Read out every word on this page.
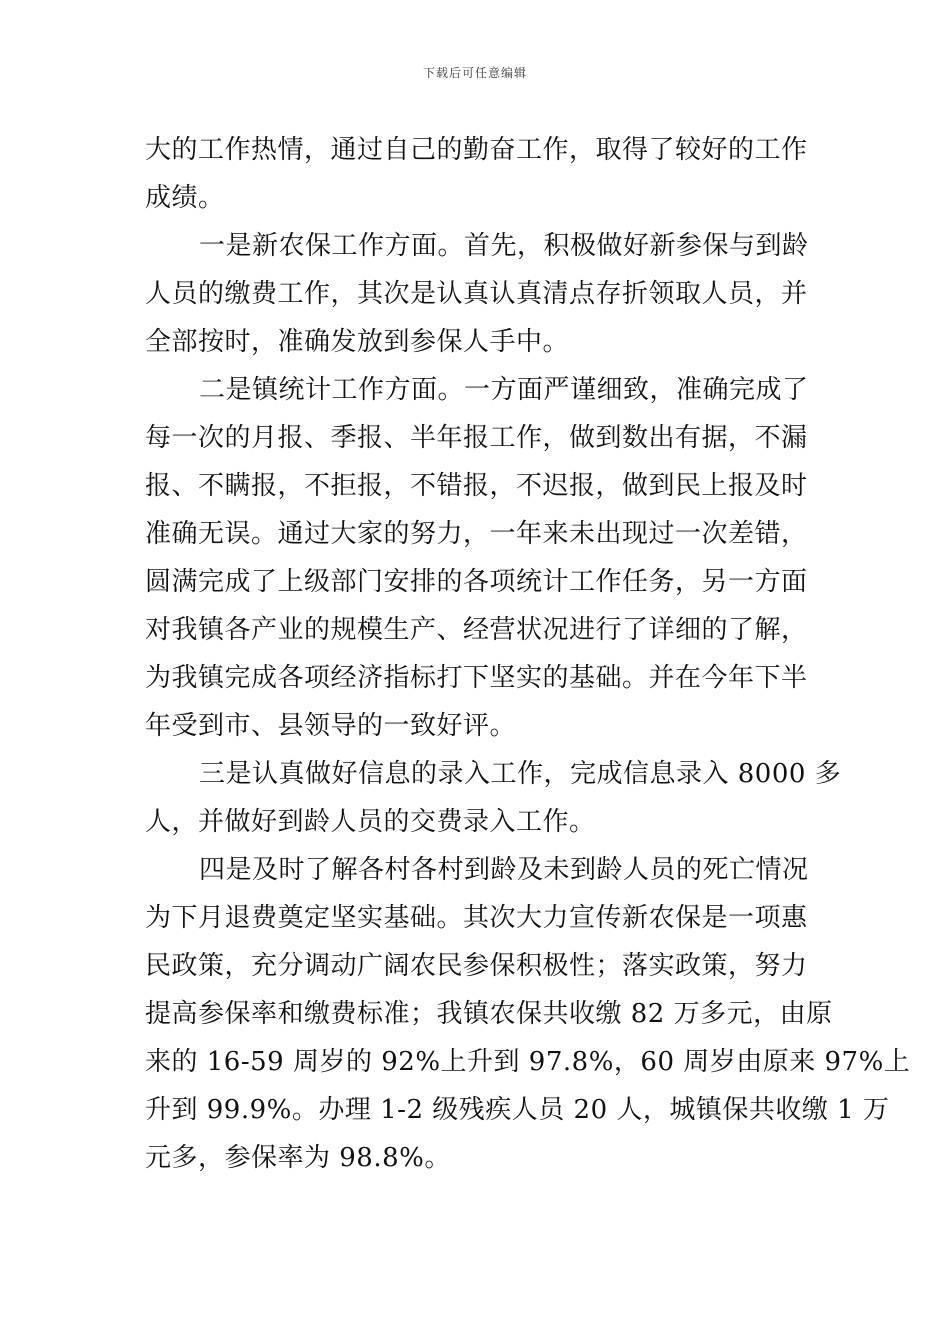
下载后可任意编辑
大的工作热情，通过自己的勤奋工作，取得了较好的工作
成绩。
一是新农保工作方面。首先，积极做好新参保与到龄
人员的缴费工作，其次是认真认真清点存折领取人员，并
全部按时，准确发放到参保人手中。
二是镇统计工作方面。一方面严谨细致，准确完成了
每一次的月报、季报、半年报工作，做到数出有据，不漏
报、不瞒报，不拒报，不错报，不迟报，做到民上报及时
准确无误。通过大家的努力，一年来未出现过一次差错，
圆满完成了上级部门安排的各项统计工作任务，另一方面
对我镇各产业的规模生产、经营状况进行了详细的了解，
为我镇完成各项经济指标打下坚实的基础。并在今年下半
年受到市、县领导的一致好评。
三是认真做好信息的录入工作，完成信息录入 8000 多
人，并做好到龄人员的交费录入工作。
四是及时了解各村各村到龄及未到龄人员的死亡情况
为下月退费奠定坚实基础。其次大力宣传新农保是一项惠
民政策，充分调动广阔农民参保积极性；落实政策，努力
提高参保率和缴费标准；我镇农保共收缴 82 万多元，由原
来的 16-59 周岁的 92%上升到 97.8%，60 周岁由原来 97%上
升到 99.9%。办理 1-2 级残疾人员 20 人，城镇保共收缴 1 万
元多，参保率为 98.8%。
